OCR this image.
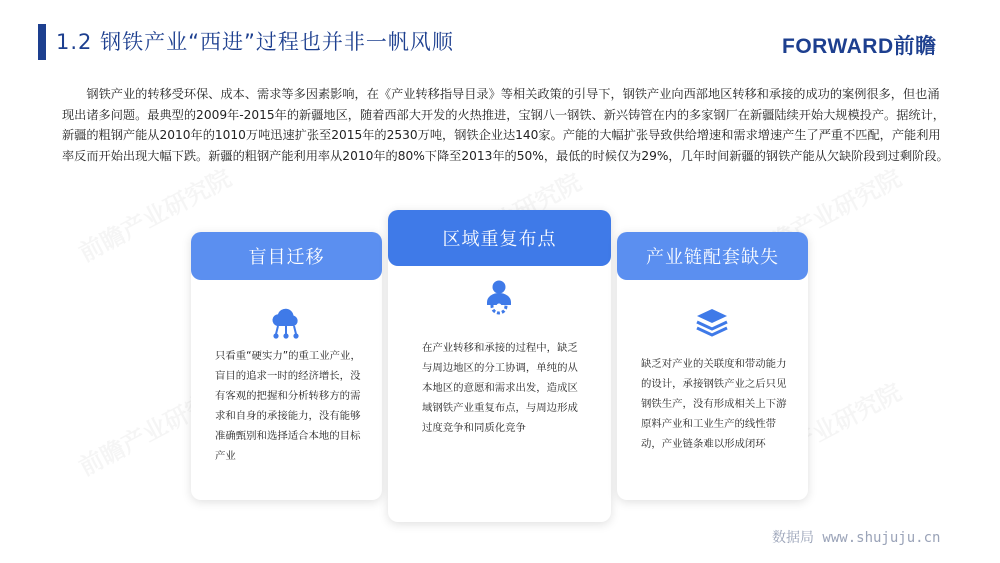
1.2 钢铁产业“西进”过程也并非一帆风顺	FORWARD前瞻

钢铁产业的转移受环保、成本、需求等多因素影响，在《产业转移指导目录》等相关政策的引导下，钢铁产业向西部地区转移和承接的成功的案例很多，但也涌现出诸多问题。最典型的2009年-2015年的新疆地区，随着西部大开发的火热推进，宝钢八一钢铁、新兴铸管在内的多家钢厂在新疆陆续开始大规模投产。据统计，新疆的粗钢产能从2010年的1010万吨迅速扩张至2015年的2530万吨，钢铁企业达140家。产能的大幅扩张导致供给增速和需求增速产生了严重不匹配，产能利用率反而开始出现大幅下跌。新疆的粗钢产能利用率从2010年的80%下降至2013年的50%，最低的时候仅为29%，几年时间新疆的钢铁产能从欠缺阶段到过剩阶段。

盲目迁移

只看重“硬实力”的重工业产业，盲目的追求一时的经济增长，没有客观的把握和分析转移方的需求和自身的承接能力，没有能够准确甄别和选择适合本地的目标产业

区域重复布点

在产业转移和承接的过程中，缺乏与周边地区的分工协调，单纯的从本地区的意愿和需求出发，造成区域钢铁产业重复布点，与周边形成过度竞争和同质化竞争

产业链配套缺失

缺乏对产业的关联度和带动能力的设计，承接钢铁产业之后只见钢铁生产，没有形成相关上下游原料产业和工业生产的线性带动，产业链条难以形成闭环

数据局 www.shujuju.cn
